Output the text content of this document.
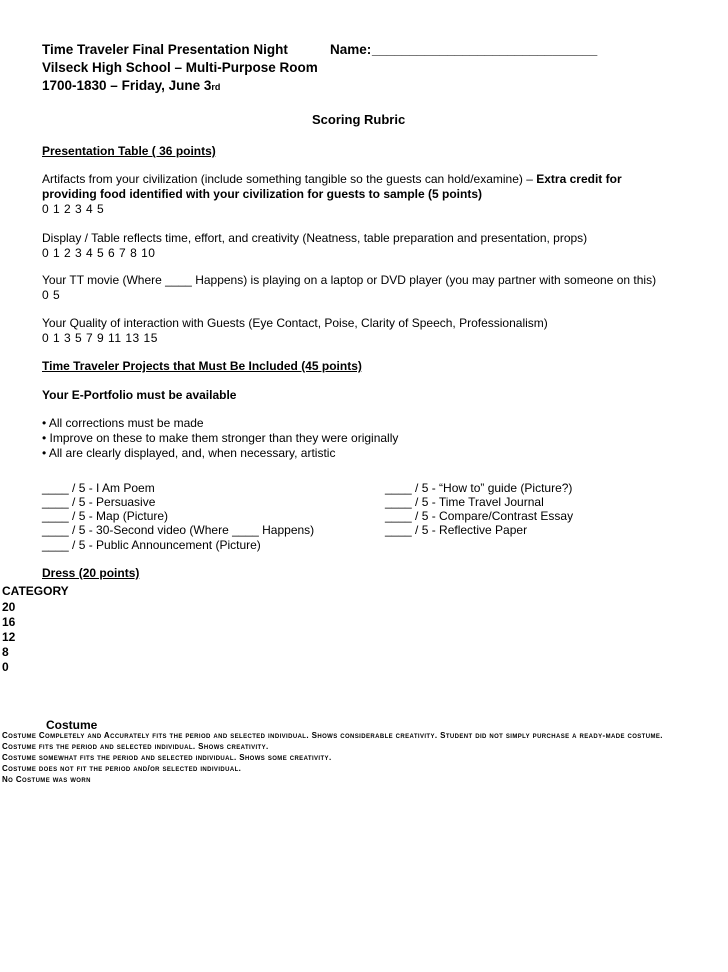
Time Traveler Final Presentation Night	Name: ______________________________
Vilseck High School – Multi-Purpose Room
1700-1830 – Friday, June 3rd
Scoring Rubric
Presentation Table ( 36 points)
Artifacts from your civilization (include something tangible so the guests can hold/examine) – Extra credit for
providing food identified with your civilization for guests to sample (5 points)
0 1 2 3 4 5
Display / Table reflects time, effort, and creativity (Neatness, table preparation and presentation, props)
0 1 2 3 4 5 6 7 8 10
Your TT movie (Where ____ Happens) is playing on a laptop or DVD player (you may partner with someone on this)
0 5
Your Quality of interaction with Guests (Eye Contact, Poise, Clarity of Speech, Professionalism)
0 1 3 5 7 9 11 13 15
Time Traveler Projects that Must Be Included (45 points)
Your E-Portfolio must be available
• All corrections must be made
• Improve on these to make them stronger than they were originally
• All are clearly displayed, and, when necessary, artistic
____ / 5 - I Am Poem
____ / 5 - Persuasive
____ / 5 - Map (Picture)
____ / 5 - 30-Second video (Where ____ Happens)
____ / 5 - Public Announcement (Picture)
____ / 5 - “How to” guide (Picture?)
____ / 5 - Time Travel Journal
____ / 5 - Compare/Contrast Essay
____ / 5 - Reflective Paper
Dress (20 points)
CATEGORY
20
16
12
8
0
Costume
Costume Completely and Accurately fits the period and selected individual. Shows considerable creativity. Student did not simply purchase a ready-made costume.
Costume fits the period and selected individual. Shows creativity.
Costume somewhat fits the period and selected individual. Shows some creativity.
Costume does not fit the period and/or selected individual.
No Costume was worn
